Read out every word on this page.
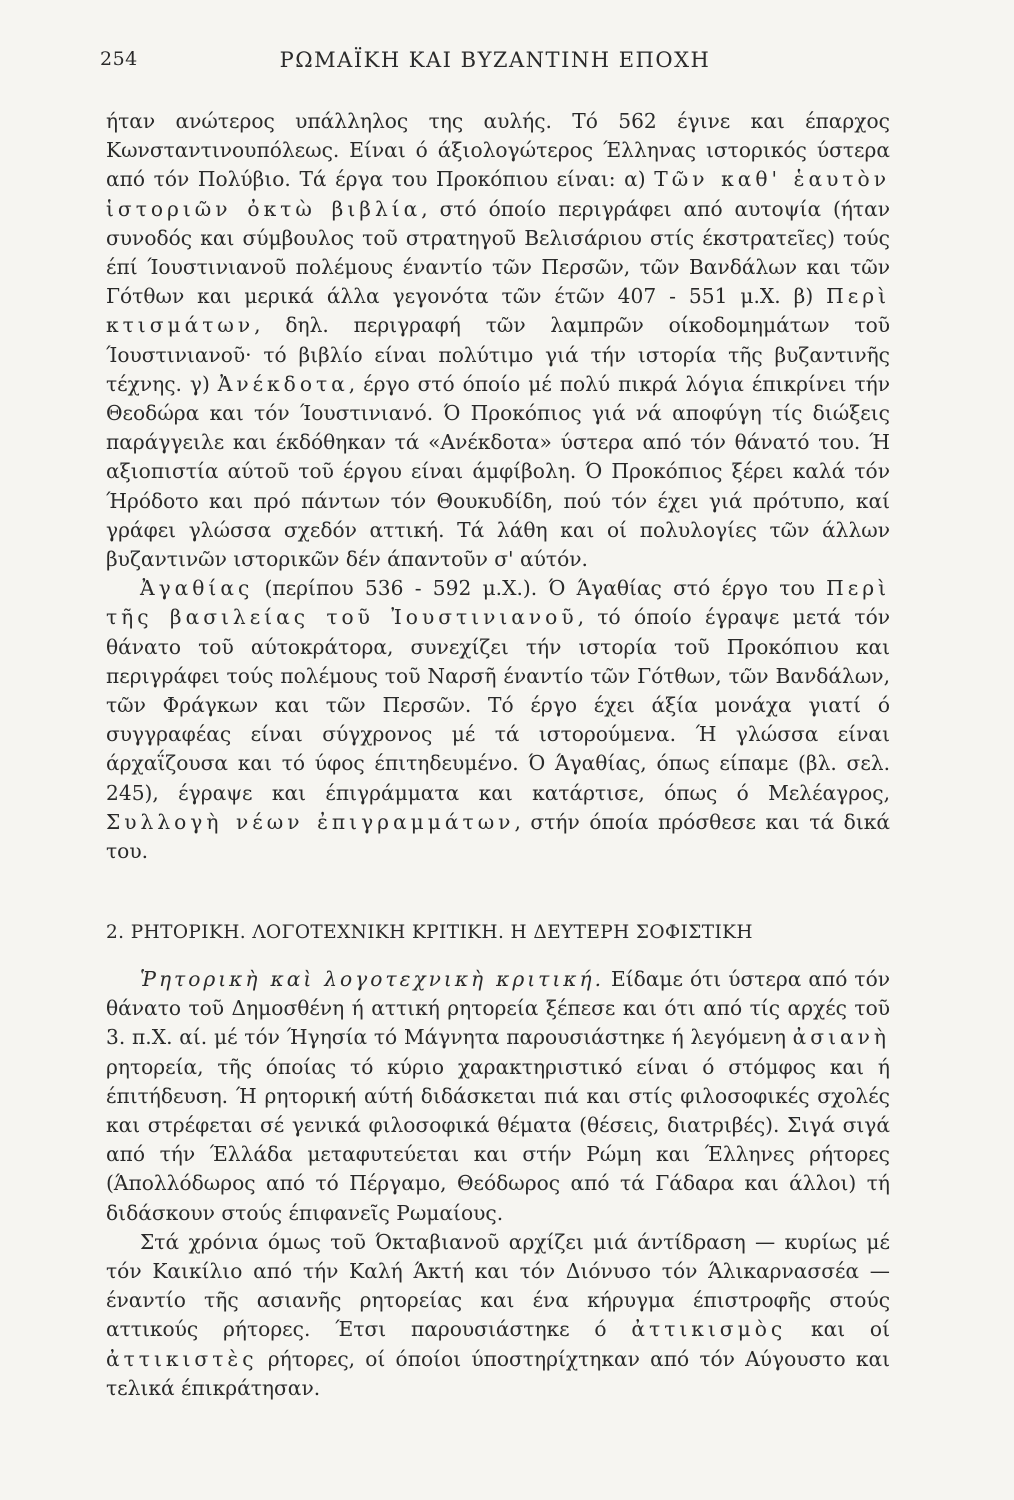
254	ΡΩΜΑΪΚΗ ΚΑΙ ΒΥΖΑΝΤΙΝΗ ΕΠΟΧΗ

ήταν ανώτερος υπάλληλος της αυλής. Τό 562 έγινε και έπαρχος Κωνσταντινουπόλεως. Είναι ό άξιολογώτερος Έλληνας ιστορικός ύστερα από τόν Πολύβιο. Τά έργα του Προκόπιου είναι: α) Τῶν καθ' ἑαυτὸν ἱστοριῶν ὀκτὼ βιβλία, στό όποίο περιγράφει από αυτοψία (ήταν συνοδός και σύμβουλος τοῦ στρατηγοῦ Βελισάριου στίς έκστρατεῖες) τούς έπί Ίουστινιανοῦ πολέμους έναντίο τῶν Περσῶν, τῶν Βανδάλων και τῶν Γότθων και μερικά άλλα γεγονότα τῶν έτῶν 407 - 551 μ.Χ. β) Περὶ κτισμάτων, δηλ. περιγραφή τῶν λαμπρῶν οίκοδομημάτων τοῦ Ίουστινιανοῦ· τό βιβλίο είναι πολύτιμο γιά τήν ιστορία τῆς βυζαντινῆς τέχνης. γ) Ἀνέκδοτα, έργο στό όποίο μέ πολύ πικρά λόγια έπικρίνει τήν Θεοδώρα και τόν Ίουστινιανό. Ό Προκόπιος γιά νά αποφύγη τίς διώξεις παράγγειλε και έκδόθηκαν τά «Ανέκδοτα» ύστερα από τόν θάνατό του. Ή αξιοπιστία αύτοῦ τοῦ έργου είναι άμφίβολη. Ό Προκόπιος ξέρει καλά τόν Ήρόδοτο και πρό πάντων τόν Θουκυδίδη, πού τόν έχει γιά πρότυπο, καί γράφει γλώσσα σχεδόν αττική. Τά λάθη και οί πολυλογίες τῶν άλλων βυζαντινῶν ιστορικῶν δέν άπαντοῦν σ' αύτόν.

Ἀγαθίας (περίπου 536 - 592 μ.Χ.). Ό Άγαθίας στό έργο του Περὶ τῆς βασιλείας τοῦ Ἰουστινιανοῦ, τό όποίο έγραψε μετά τόν θάνατο τοῦ αύτοκράτορα, συνεχίζει τήν ιστορία τοῦ Προκόπιου και περιγράφει τούς πολέμους τοῦ Ναρσῆ έναντίο τῶν Γότθων, τῶν Βανδάλων, τῶν Φράγκων και τῶν Περσῶν. Τό έργο έχει άξία μονάχα γιατί ό συγγραφέας είναι σύγχρονος μέ τά ιστορούμενα. Ή γλώσσα είναι άρχαΐζουσα και τό ύφος έπιτηδευμένο. Ό Άγαθίας, όπως είπαμε (βλ. σελ. 245), έγραψε και έπιγράμματα και κατάρτισε, όπως ό Μελέαγρος, Συλλογὴ νέων ἐπιγραμμάτων, στήν όποία πρόσθεσε και τά δικά του.

2. ΡΗΤΟΡΙΚΗ. ΛΟΓΟΤΕΧΝΙΚΗ ΚΡΙΤΙΚΗ. Η ΔΕΥΤΕΡΗ ΣΟΦΙΣΤΙΚΗ

Ῥητορικὴ καὶ λογοτεχνικὴ κριτική. Είδαμε ότι ύστερα από τόν θάνατο τοῦ Δημοσθένη ή αττική ρητορεία ξέπεσε και ότι από τίς αρχές τοῦ 3. π.Χ. αί. μέ τόν Ήγησία τό Μάγνητα παρουσιάστηκε ή λεγόμενη ἀσιανὴ ρητορεία, τῆς όποίας τό κύριο χαρακτηριστικό είναι ό στόμφος και ή έπιτήδευση. Ή ρητορική αύτή διδάσκεται πιά και στίς φιλοσοφικές σχολές και στρέφεται σέ γενικά φιλοσοφικά θέματα (θέσεις, διατριβές). Σιγά σιγά από τήν Έλλάδα μεταφυτεύεται και στήν Ρώμη και Έλληνες ρήτορες (Άπολλόδωρος από τό Πέργαμο, Θεόδωρος από τά Γάδαρα και άλλοι) τή διδάσκουν στούς έπιφανεῖς Ρωμαίους.

Στά χρόνια όμως τοῦ Όκταβιανοῦ αρχίζει μιά άντίδραση — κυρίως μέ τόν Καικίλιο από τήν Καλή Άκτή και τόν Διόνυσο τόν Άλικαρνασσέα — έναντίο τῆς ασιανῆς ρητορείας και ένα κήρυγμα έπιστροφῆς στούς αττικούς ρήτορες. Έτσι παρουσιάστηκε ό ἀττικισμὸς και οί ἀττικιστὲς ρήτορες, οί όποίοι ύποστηρίχτηκαν από τόν Αύγουστο και τελικά έπικράτησαν.
